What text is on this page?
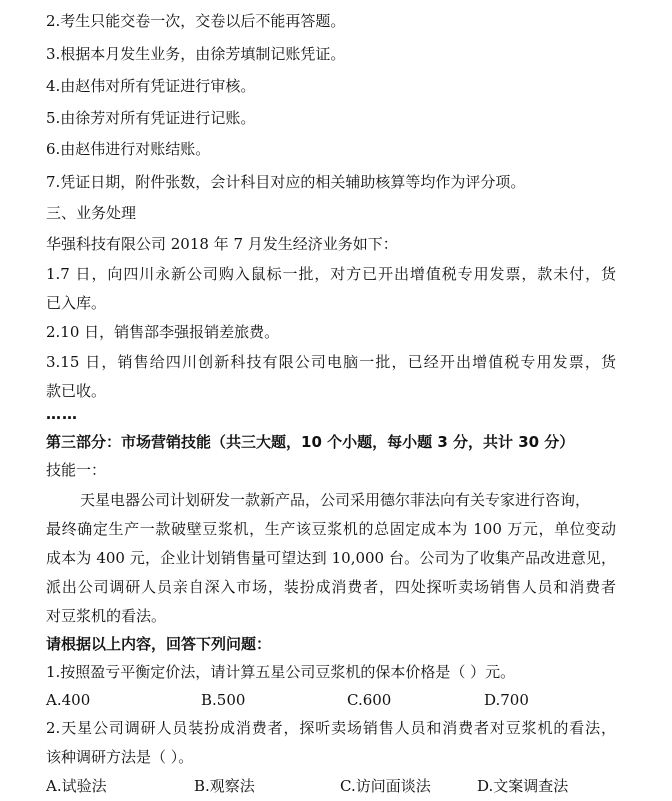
2.考生只能交卷一次，交卷以后不能再答题。
3.根据本月发生业务，由徐芳填制记账凭证。
4.由赵伟对所有凭证进行审核。
5.由徐芳对所有凭证进行记账。
6.由赵伟进行对账结账。
7.凭证日期，附件张数，会计科目对应的相关辅助核算等均作为评分项。
三、业务处理
华强科技有限公司 2018 年 7 月发生经济业务如下：
1.7 日，向四川永新公司购入鼠标一批，对方已开出增值税专用发票，款未付，货
已入库。
2.10 日，销售部李强报销差旅费。
3.15 日，销售给四川创新科技有限公司电脑一批，已经开出增值税专用发票，货
款已收。
……
第三部分：市场营销技能（共三大题，10 个小题，每小题 3 分，共计 30 分）
技能一：
天星电器公司计划研发一款新产品，公司采用德尔菲法向有关专家进行咨询，
最终确定生产一款破壁豆浆机，生产该豆浆机的总固定成本为 100 万元，单位变动
成本为 400 元，企业计划销售量可望达到 10,000 台。公司为了收集产品改进意见，
派出公司调研人员亲自深入市场，装扮成消费者，四处探听卖场销售人员和消费者
对豆浆机的看法。
请根据以上内容，回答下列问题：
1.按照盈亏平衡定价法，请计算五星公司豆浆机的保本价格是（ ）元。
A.400	B.500	C.600	D.700
2.天星公司调研人员装扮成消费者，探听卖场销售人员和消费者对豆浆机的看法，
该种调研方法是（ ）。
A.试验法	B.观察法	C.访问面谈法	D.文案调查法
